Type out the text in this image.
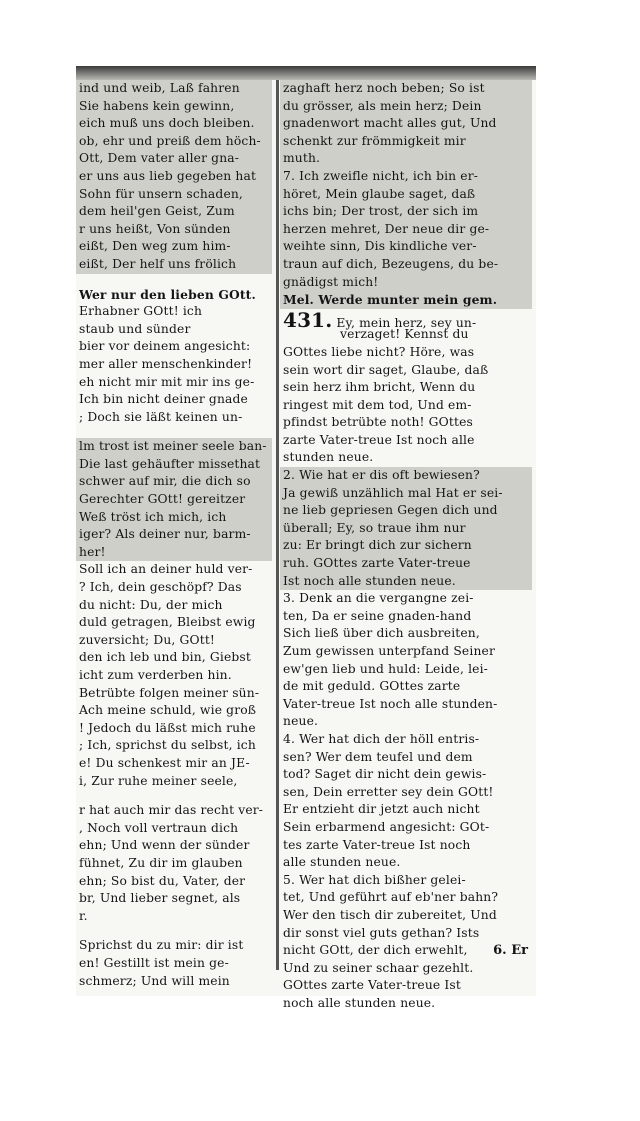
ind und weib, Laß fahren
Sie habens kein gewinn,
eich muß uns doch bleiben.
ob, ehr und preiß dem höch-
Ott, Dem vater aller gna-
er uns aus lieb gegeben hat
Sohn für unsern schaden,
dem heil'gen Geist, Zum
r uns heißt, Von sünden
eißt, Den weg zum him-
eißt, Der helf uns frölich
Wer nur den lieben GOtt.
Erhabner GOtt! ich
staub und sünder
bier vor deinem angesicht:
mer aller menschenkinder!
eh nicht mir mit mir ins ge-
Ich bin nicht deiner gnade
; Doch sie läßt keinen un-
lm trost ist meiner seele ban-
Die last gehäufter missethat
schwer auf mir, die dich so
Gerechter GOtt! gereitzer
Weß tröst ich mich, ich
iger? Als deiner nur, barm-
her!
Soll ich an deiner huld ver-
? Ich, dein geschöpf? Das
du nicht: Du, der mich
duld getragen, Bleibst ewig
zuversicht; Du, GOtt!
den ich leb und bin, Giebst
icht zum verderben hin.
Betrübte folgen meiner sün-
Ach meine schuld, wie groß
! Jedoch du läßst mich ruhe
; Ich, sprichst du selbst, ich
e! Du schenkest mir an JE-
i, Zur ruhe meiner seele,
r hat auch mir das recht ver-
, Noch voll vertraun dich
ehn; Und wenn der sünder
fühnet, Zu dir im glauben
ehn; So bist du, Vater, der
br, Und lieber segnet, als
r.
Sprichst du zu mir: dir ist
en! Gestillt ist mein ge-
schmerz; Und will mein
zaghaft herz noch beben; So ist
du grösser, als mein herz; Dein
gnadenwort macht alles gut, Und
schenkt zur frömmigkeit mir
muth.
7. Ich zweifle nicht, ich bin er-
höret, Mein glaube saget, daß
ichs bin; Der trost, der sich im
herzen mehret, Der neue dir ge-
weihte sinn, Dis kindliche ver-
traun auf dich, Bezeugens, du be-
gnädigst mich!
Mel. Werde munter mein gem.
431. Ey, mein herz, sey un-
verzaget! Kennst du
GOttes liebe nicht? Höre, was
sein wort dir saget, Glaube, daß
sein herz ihm bricht, Wenn du
ringest mit dem tod, Und em-
pfindst betrübte noth! GOttes
zarte Vater-treue Ist noch alle
stunden neue.
2. Wie hat er dis oft bewiesen?
Ja gewiß unzählich mal Hat er sei-
ne lieb gepriesen Gegen dich und
überall; Ey, so traue ihm nur
zu: Er bringt dich zur sichern
ruh. GOttes zarte Vater-treue
Ist noch alle stunden neue.
3. Denk an die vergangne zei-
ten, Da er seine gnaden-hand
Sich ließ über dich ausbreiten,
Zum gewissen unterpfand Seiner
ew'gen lieb und huld: Leide, lei-
de mit geduld. GOttes zarte
Vater-treue Ist noch alle stunden-
neue.
4. Wer hat dich der höll entris-
sen? Wer dem teufel und dem
tod? Saget dir nicht dein gewis-
sen, Dein erretter sey dein GOtt!
Er entzieht dir jetzt auch nicht
Sein erbarmend angesicht: GOt-
tes zarte Vater-treue Ist noch
alle stunden neue.
5. Wer hat dich bißher gelei-
tet, Und geführt auf eb'ner bahn?
Wer den tisch dir zubereitet, Und
dir sonst viel guts gethan? Ists
nicht GOtt, der dich erwehlt,
Und zu seiner schaar gezehlt.
GOttes zarte Vater-treue Ist
noch alle stunden neue.
6. Er
